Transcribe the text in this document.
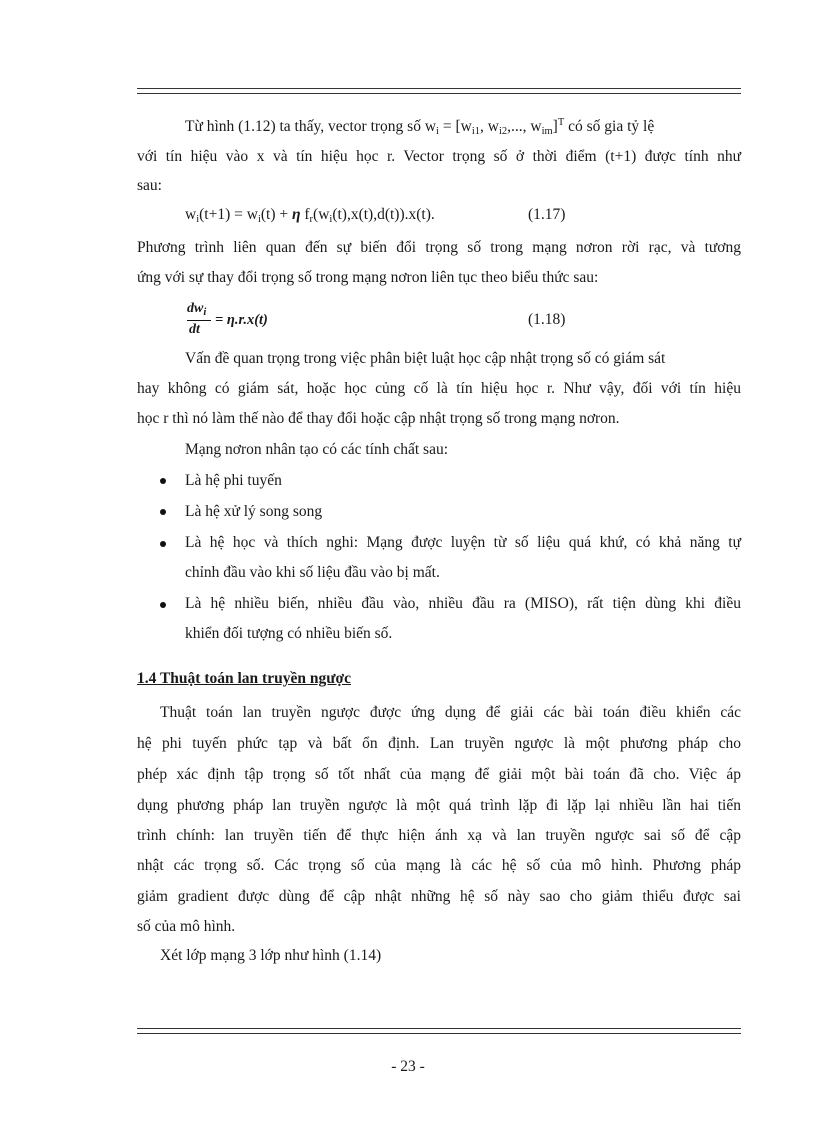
Từ hình (1.12) ta thấy, vector trọng số $w_i = [w_{i1}$, $w_{i2}$,..., $w_{im}]^T$ có số gia tỷ lệ
với tín hiệu vào x và tín hiệu học r. Vector trọng số ở thời điểm (t+1) được tính như
sau:
$w_i(t+1) = w_i(t) + \eta$ $f_r(w_i(t),x(t),d(t)).x(t)$.	(1.17)
Phương trình liên quan đến sự biến đổi trọng số trong mạng nơron rời rạc, và tương
ứng với sự thay đổi trọng số trong mạng nơron liên tục theo biểu thức sau:
$dw_i$
dt
= η.r.x(t)	(1.18)
Vấn đề quan trọng trong việc phân biệt luật học cập nhật trọng số có giám sát
hay không có giám sát, hoặc học củng cố là tín hiệu học r. Như vậy, đối với tín hiệu
học r thì nó làm thế nào để thay đổi hoặc cập nhật trọng số trong mạng nơron.
Mạng nơron nhân tạo có các tính chất sau:
Là hệ phi tuyến
Là hệ xử lý song song
Là hệ học và thích nghi: Mạng được luyện từ số liệu quá khứ, có khả năng tự
chỉnh đầu vào khi số liệu đầu vào bị mất.
Là hệ nhiều biến, nhiều đầu vào, nhiều đầu ra (MISO), rất tiện dùng khi điều
khiển đối tượng có nhiều biến số.
1.4 Thuật toán lan truyền ngược
Thuật toán lan truyền ngược được ứng dụng để giải các bài toán điều khiển các
hệ phi tuyến phức tạp và bất ổn định. Lan truyền ngược là một phương pháp cho
phép xác định tập trọng số tốt nhất của mạng để giải một bài toán đã cho. Việc áp
dụng phương pháp lan truyền ngược là một quá trình lặp đi lặp lại nhiều lần hai tiến
trình chính: lan truyền tiến để thực hiện ánh xạ và lan truyền ngược sai số để cập
nhật các trọng số. Các trọng số của mạng là các hệ số của mô hình. Phương pháp
giảm gradient được dùng để cập nhật những hệ số này sao cho giảm thiểu được sai
số của mô hình.
Xét lớp mạng 3 lớp như hình (1.14)
- 23 -
